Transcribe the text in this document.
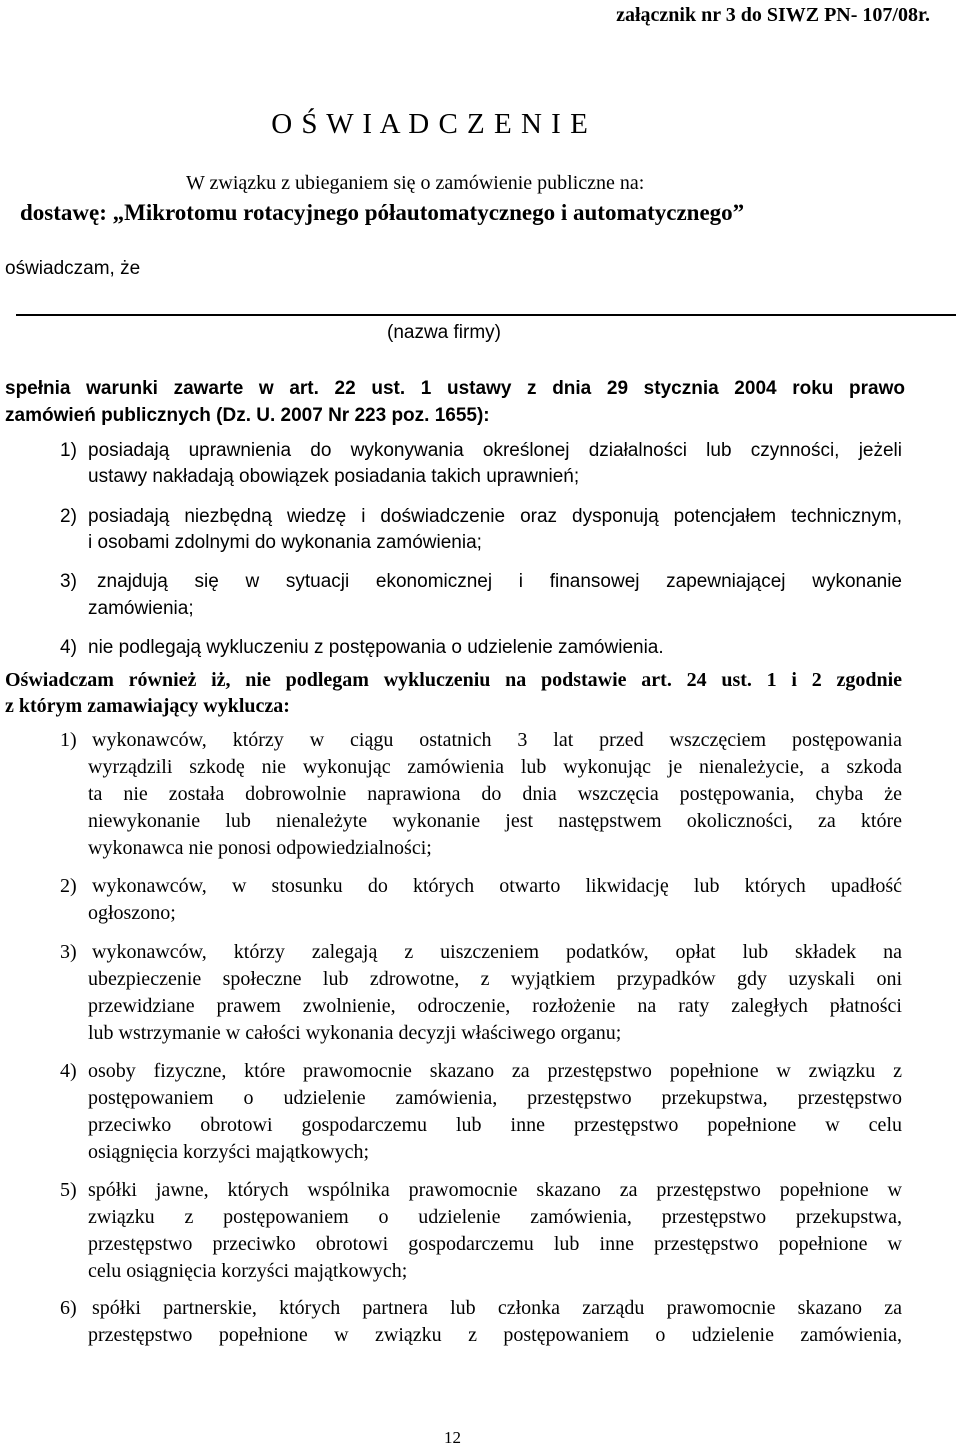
załącznik nr 3 do SIWZ PN- 107/08r.
O Ś W I A D C Z E N I E
W związku z ubieganiem się o zamówienie publiczne na:
dostawę: „Mikrotomu rotacyjnego półautomatycznego i automatycznego”
oświadczam, że
(nazwa firmy)
spełnia warunki zawarte w art. 22 ust. 1 ustawy z dnia 29 stycznia 2004 roku prawo
zamówień publicznych (Dz. U. 2007 Nr 223 poz. 1655):
1) posiadają uprawnienia do wykonywania określonej działalności lub czynności, jeżeli
ustawy nakładają obowiązek posiadania takich uprawnień;
2) posiadają niezbędną wiedzę i doświadczenie oraz dysponują potencjałem technicznym,
i osobami zdolnymi do wykonania zamówienia;
3) znajdują się w sytuacji ekonomicznej i finansowej zapewniającej wykonanie
zamówienia;
4) nie podlegają wykluczeniu z postępowania o udzielenie zamówienia.
Oświadczam również iż, nie podlegam wykluczeniu na podstawie art. 24 ust. 1 i 2 zgodnie
z którym zamawiający wyklucza:
1) wykonawców, którzy w ciągu ostatnich 3 lat przed wszczęciem postępowania
wyrządzili szkodę nie wykonując zamówienia lub wykonując je nienależycie, a szkoda
ta nie została dobrowolnie naprawiona do dnia wszczęcia postępowania, chyba że
niewykonanie lub nienależyte wykonanie jest następstwem okoliczności, za które
wykonawca nie ponosi odpowiedzialności;
2) wykonawców, w stosunku do których otwarto likwidację lub których upadłość
ogłoszono;
3) wykonawców, którzy zalegają z uiszczeniem podatków, opłat lub składek na
ubezpieczenie społeczne lub zdrowotne, z wyjątkiem przypadków gdy uzyskali oni
przewidziane prawem zwolnienie, odroczenie, rozłożenie na raty zaległych płatności
lub wstrzymanie w całości wykonania decyzji właściwego organu;
4) osoby fizyczne, które prawomocnie skazano za przestępstwo popełnione w związku z
postępowaniem o udzielenie zamówienia, przestępstwo przekupstwa, przestępstwo
przeciwko obrotowi gospodarczemu lub inne przestępstwo popełnione w celu
osiągnięcia korzyści majątkowych;
5) spółki jawne, których wspólnika prawomocnie skazano za przestępstwo popełnione w
związku z postępowaniem o udzielenie zamówienia, przestępstwo przekupstwa,
przestępstwo przeciwko obrotowi gospodarczemu lub inne przestępstwo popełnione w
celu osiągnięcia korzyści majątkowych;
6) spółki partnerskie, których partnera lub członka zarządu prawomocnie skazano za
przestępstwo popełnione w związku z postępowaniem o udzielenie zamówienia,
12
